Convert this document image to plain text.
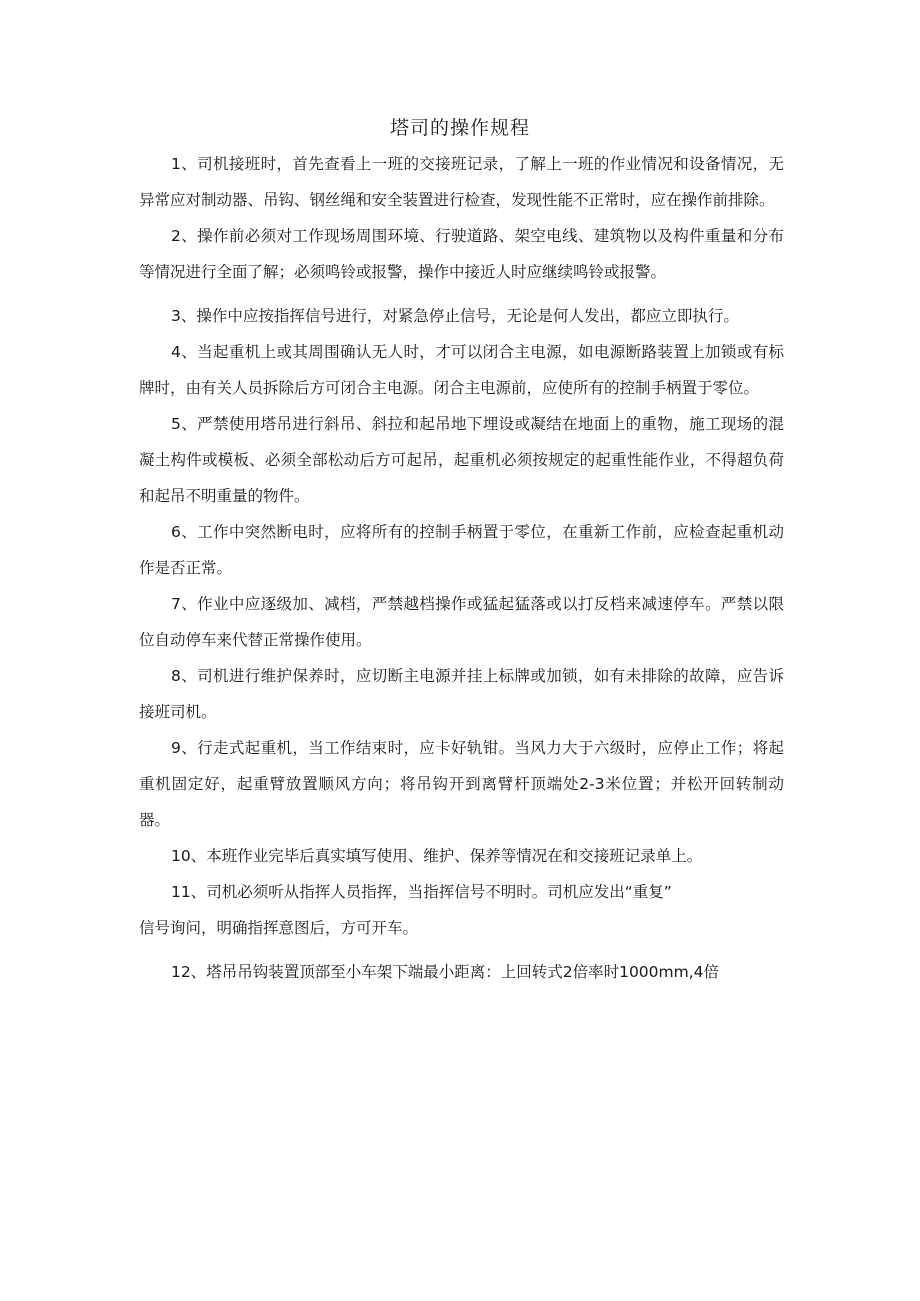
塔司的操作规程

1、司机接班时，首先查看上一班的交接班记录，了解上一班的作业情况和设备情况，无异常应对制动器、吊钩、钢丝绳和安全装置进行检查，发现性能不正常时，应在操作前排除。

2、操作前必须对工作现场周围环境、行驶道路、架空电线、建筑物以及构件重量和分布等情况进行全面了解；必须鸣铃或报警，操作中接近人时应继续鸣铃或报警。

3、操作中应按指挥信号进行，对紧急停止信号，无论是何人发出，都应立即执行。

4、当起重机上或其周围确认无人时，才可以闭合主电源，如电源断路装置上加锁或有标牌时，由有关人员拆除后方可闭合主电源。闭合主电源前，应使所有的控制手柄置于零位。

5、严禁使用塔吊进行斜吊、斜拉和起吊地下埋设或凝结在地面上的重物，施工现场的混凝土构件或模板、必须全部松动后方可起吊，起重机必须按规定的起重性能作业，不得超负荷和起吊不明重量的物件。

6、工作中突然断电时，应将所有的控制手柄置于零位，在重新工作前，应检查起重机动作是否正常。

7、作业中应逐级加、减档，严禁越档操作或猛起猛落或以打反档来减速停车。严禁以限位自动停车来代替正常操作使用。

8、司机进行维护保养时，应切断主电源并挂上标牌或加锁，如有未排除的故障，应告诉接班司机。

9、行走式起重机，当工作结束时，应卡好轨钳。当风力大于六级时，应停止工作；将起重机固定好，起重臂放置顺风方向；将吊钩开到离臂杆顶端处2-3米位置；并松开回转制动器。

10、本班作业完毕后真实填写使用、维护、保养等情况在和交接班记录单上。

11、司机必须听从指挥人员指挥，当指挥信号不明时。司机应发出“重复”

信号询问，明确指挥意图后，方可开车。

12、塔吊吊钩装置顶部至小车架下端最小距离：上回转式2倍率时1000mm,4倍
